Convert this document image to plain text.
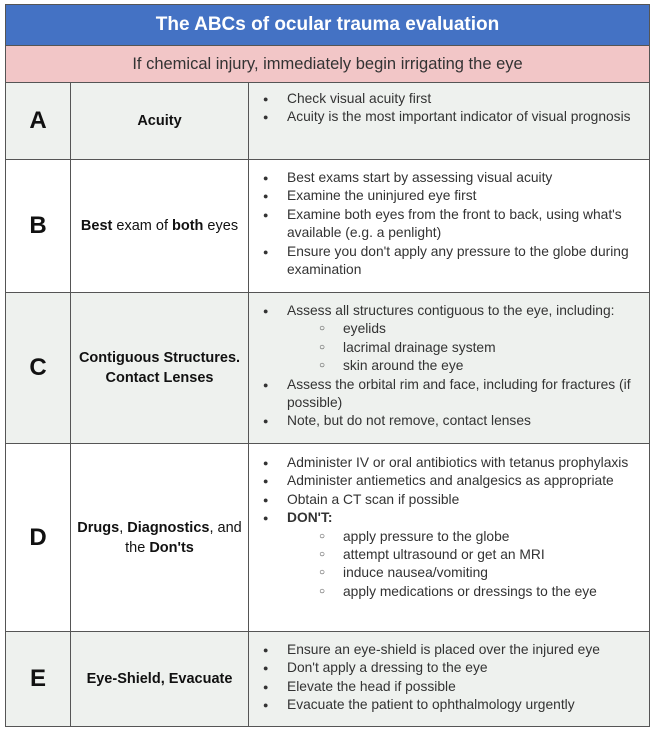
The ABCs of ocular trauma evaluation
If chemical injury, immediately begin irrigating the eye
A	Acuity
● Check visual acuity first
● Acuity is the most important indicator of visual prognosis
B	Best exam of both eyes
● Best exams start by assessing visual acuity
● Examine the uninjured eye first
● Examine both eyes from the front to back, using what's available (e.g. a penlight)
● Ensure you don't apply any pressure to the globe during examination
C	Contiguous Structures. Contact Lenses
● Assess all structures contiguous to the eye, including:
○ eyelids
○ lacrimal drainage system
○ skin around the eye
● Assess the orbital rim and face, including for fractures (if possible)
● Note, but do not remove, contact lenses
D	Drugs, Diagnostics, and the Don'ts
● Administer IV or oral antibiotics with tetanus prophylaxis
● Administer antiemetics and analgesics as appropriate
● Obtain a CT scan if possible
● DON'T:
○ apply pressure to the globe
○ attempt ultrasound or get an MRI
○ induce nausea/vomiting
○ apply medications or dressings to the eye
E	Eye-Shield, Evacuate
● Ensure an eye-shield is placed over the injured eye
● Don't apply a dressing to the eye
● Elevate the head if possible
● Evacuate the patient to ophthalmology urgently
